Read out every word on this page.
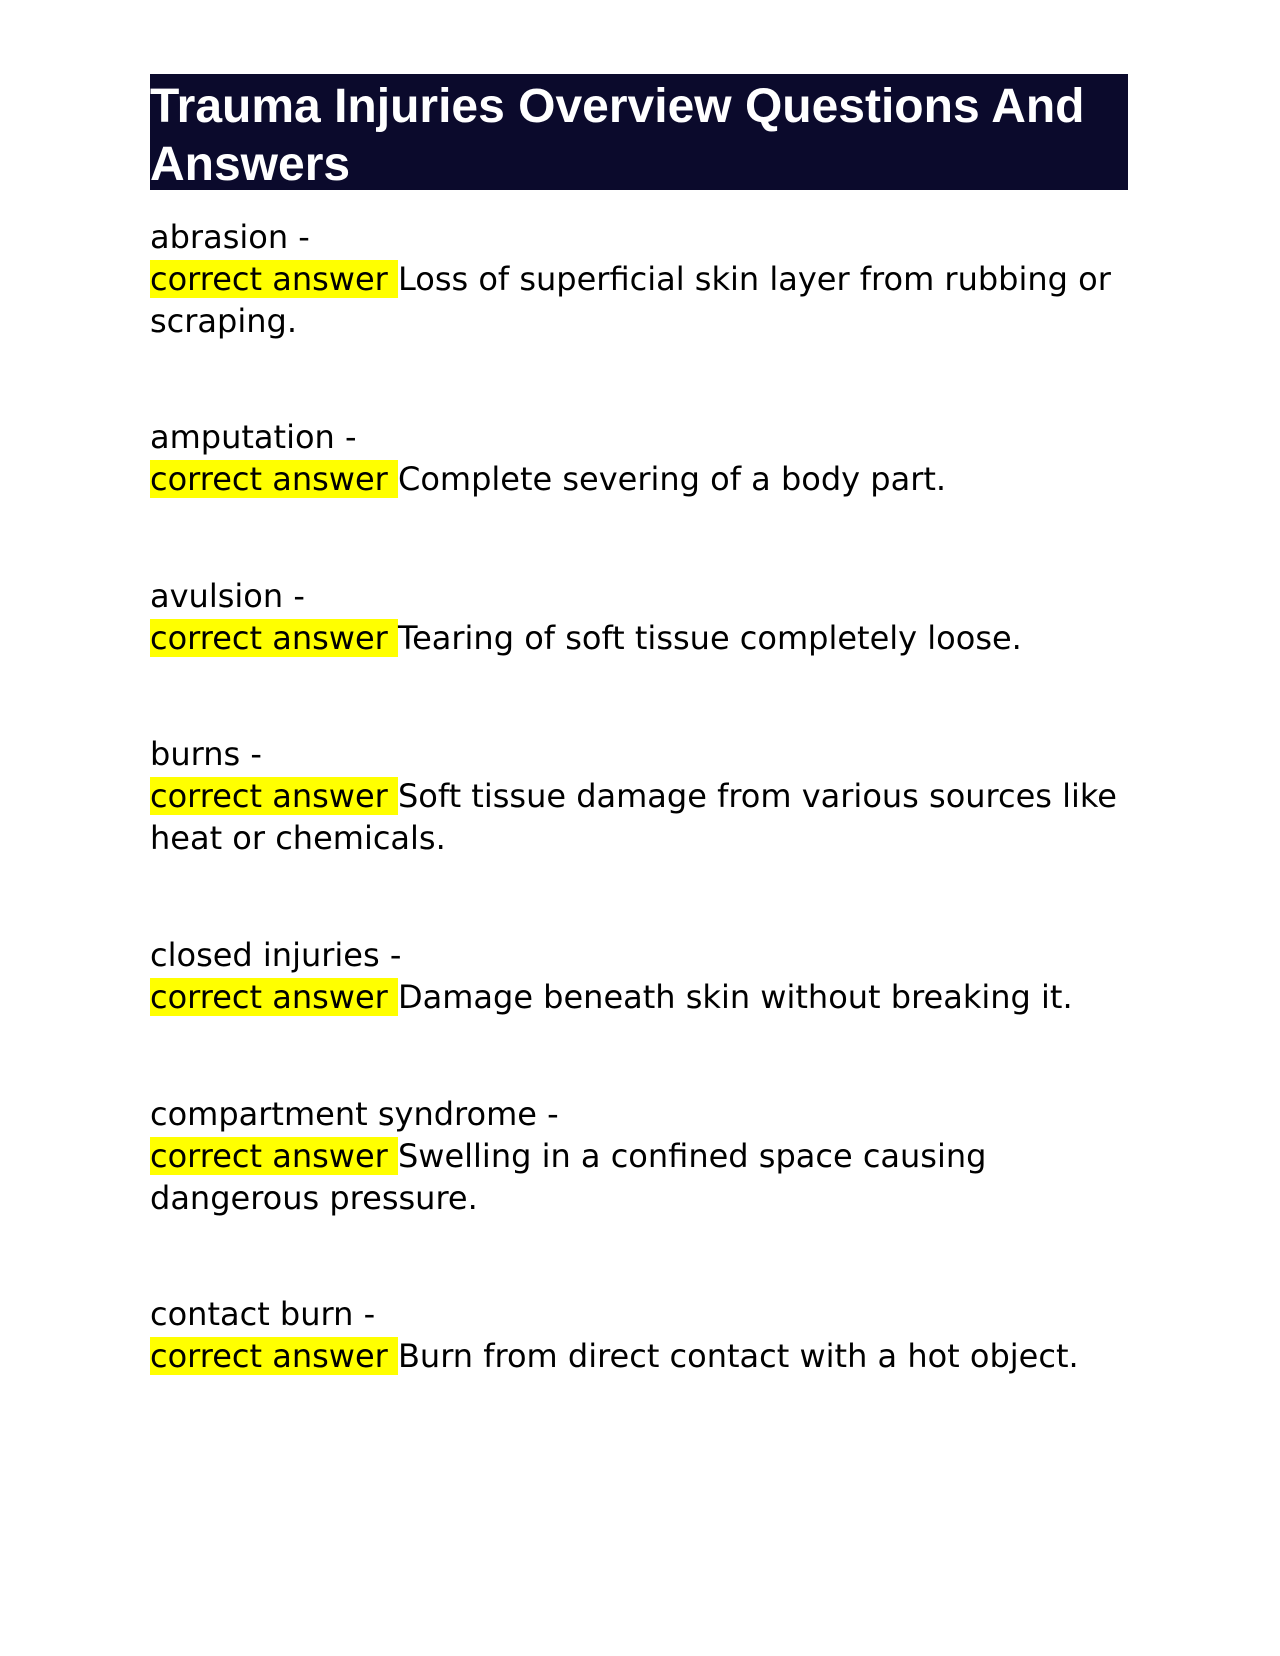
Trauma Injuries Overview Questions And Answers
abrasion -
correct answer Loss of superficial skin layer from rubbing or scraping.
amputation -
correct answer Complete severing of a body part.
avulsion -
correct answer Tearing of soft tissue completely loose.
burns -
correct answer Soft tissue damage from various sources like heat or chemicals.
closed injuries -
correct answer Damage beneath skin without breaking it.
compartment syndrome -
correct answer Swelling in a confined space causing dangerous pressure.
contact burn -
correct answer Burn from direct contact with a hot object.
